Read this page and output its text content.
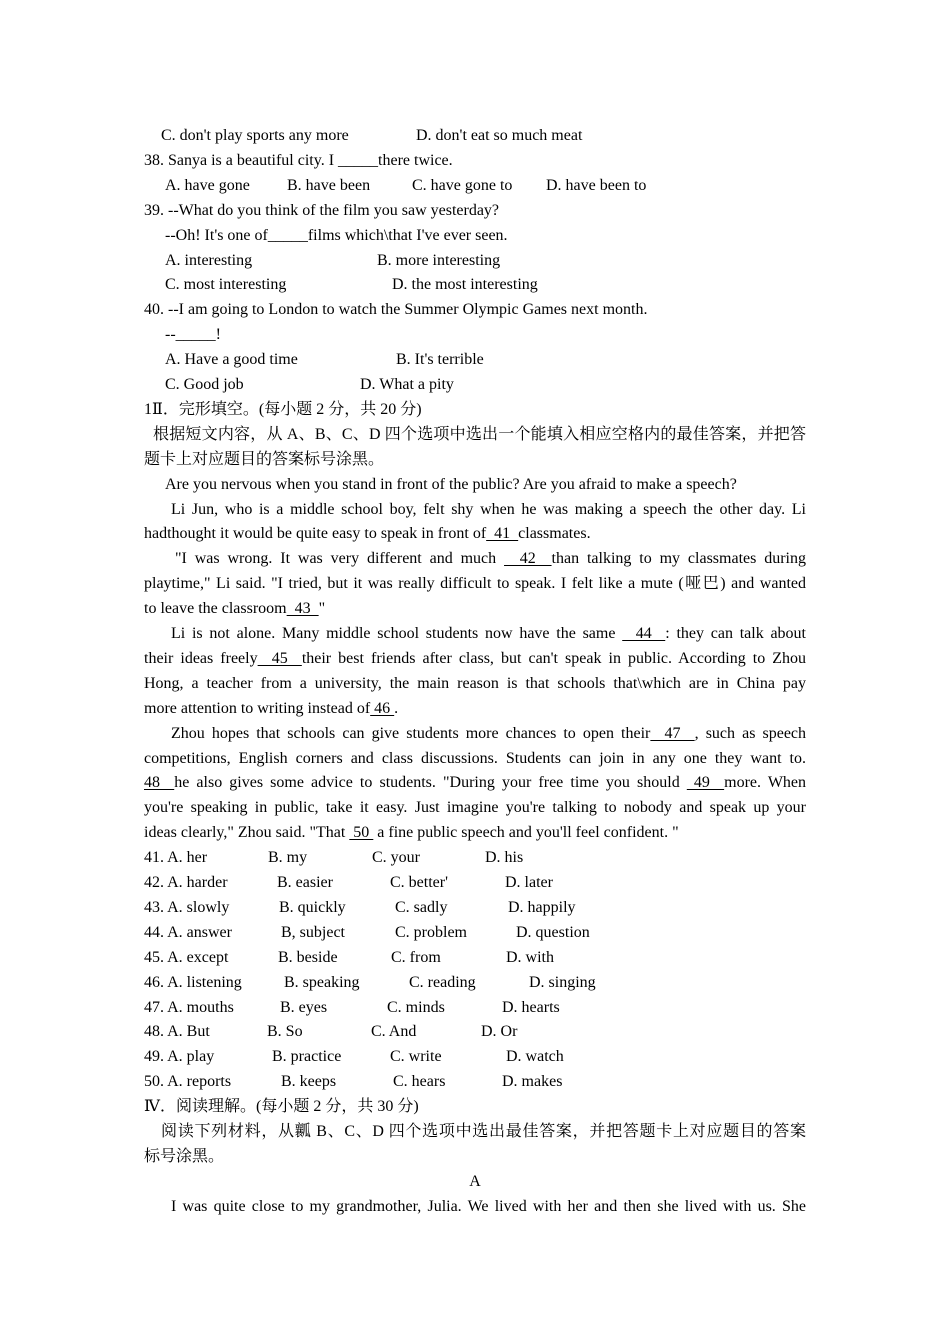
C. don't play sports any more	D. don't eat so much meat
38. Sanya is a beautiful city. I _____there twice.
A. have gone B. have been	C. have gone to D. have been to
39. --What do you think of the film you saw yesterday?
--Oh! It's one of_____films which\that I've ever seen.
A. interesting	B. more interesting
C. most interesting	D. the most interesting
40. --I am going to London to watch the Summer Olympic Games next month.
--_____!
A. Have a good time	B. It's terrible
C. Good job	D. What a pity
1Ⅱ．完形填空。(每小题 2 分，共 20 分)
根据短文内容，从 A、B、C、D 四个选项中选出一个能填入相应空格内的最佳答案，并把答
题卡上对应题目的答案标号涂黑。
Are you nervous when you stand in front of the public? Are you afraid to make a speech?
Li Jun, who is a middle school boy, felt shy when he was making a speech the other day. Li
hadthought it would be quite easy to speak in front of  41  classmates.
"I was wrong. It was very different and much   42  than talking to my classmates during
playtime," Li said. "I tried, but it was really difficult to speak. I felt like a mute (哑巴) and wanted
to leave the classroom  43  "
Li is not alone. Many middle school students now have the same   44  : they can talk about
their ideas freely  45  their best friends after class, but can't speak in public. According to Zhou
Hong, a teacher from a university, the main reason is that schools that\which are in China pay
more attention to writing instead of 46 .
Zhou hopes that schools can give students more chances to open their  47  , such as speech
competitions, English corners and class discussions. Students can join in any one they want to.
48  he also gives some advice to students. "During your free time you should  49  more. When
you're speaking in public, take it easy. Just imagine you're talking to nobody and speak up your
ideas clearly," Zhou said. "That  50  a fine public speech and you'll feel confident. "
41. A. her	B. my	C. your	D. his
42. A. harder	B. easier	C. better'	D. later
43. A. slowly	B. quickly	C. sadly	D. happily
44. A. answer	B, subject	C. problem	D. question
45. A. except	B. beside	C. from	D. with
46. A. listening	B. speaking	C. reading	D. singing
47. A. mouths	B. eyes	C. minds	D. hearts
48. A. But	B. So	C. And	D. Or
49. A. play	B. practice	C. write	D. watch
50. A. reports	B. keeps	C. hears	D. makes
Ⅳ．阅读理解。(每小题 2 分，共 30 分)
阅读下列材料，从瓤 B、C、D 四个选项中选出最佳答案，并把答题卡上对应题目的答案
标号涂黑。
A
I was quite close to my grandmother, Julia. We lived with her and then she lived with us. She
